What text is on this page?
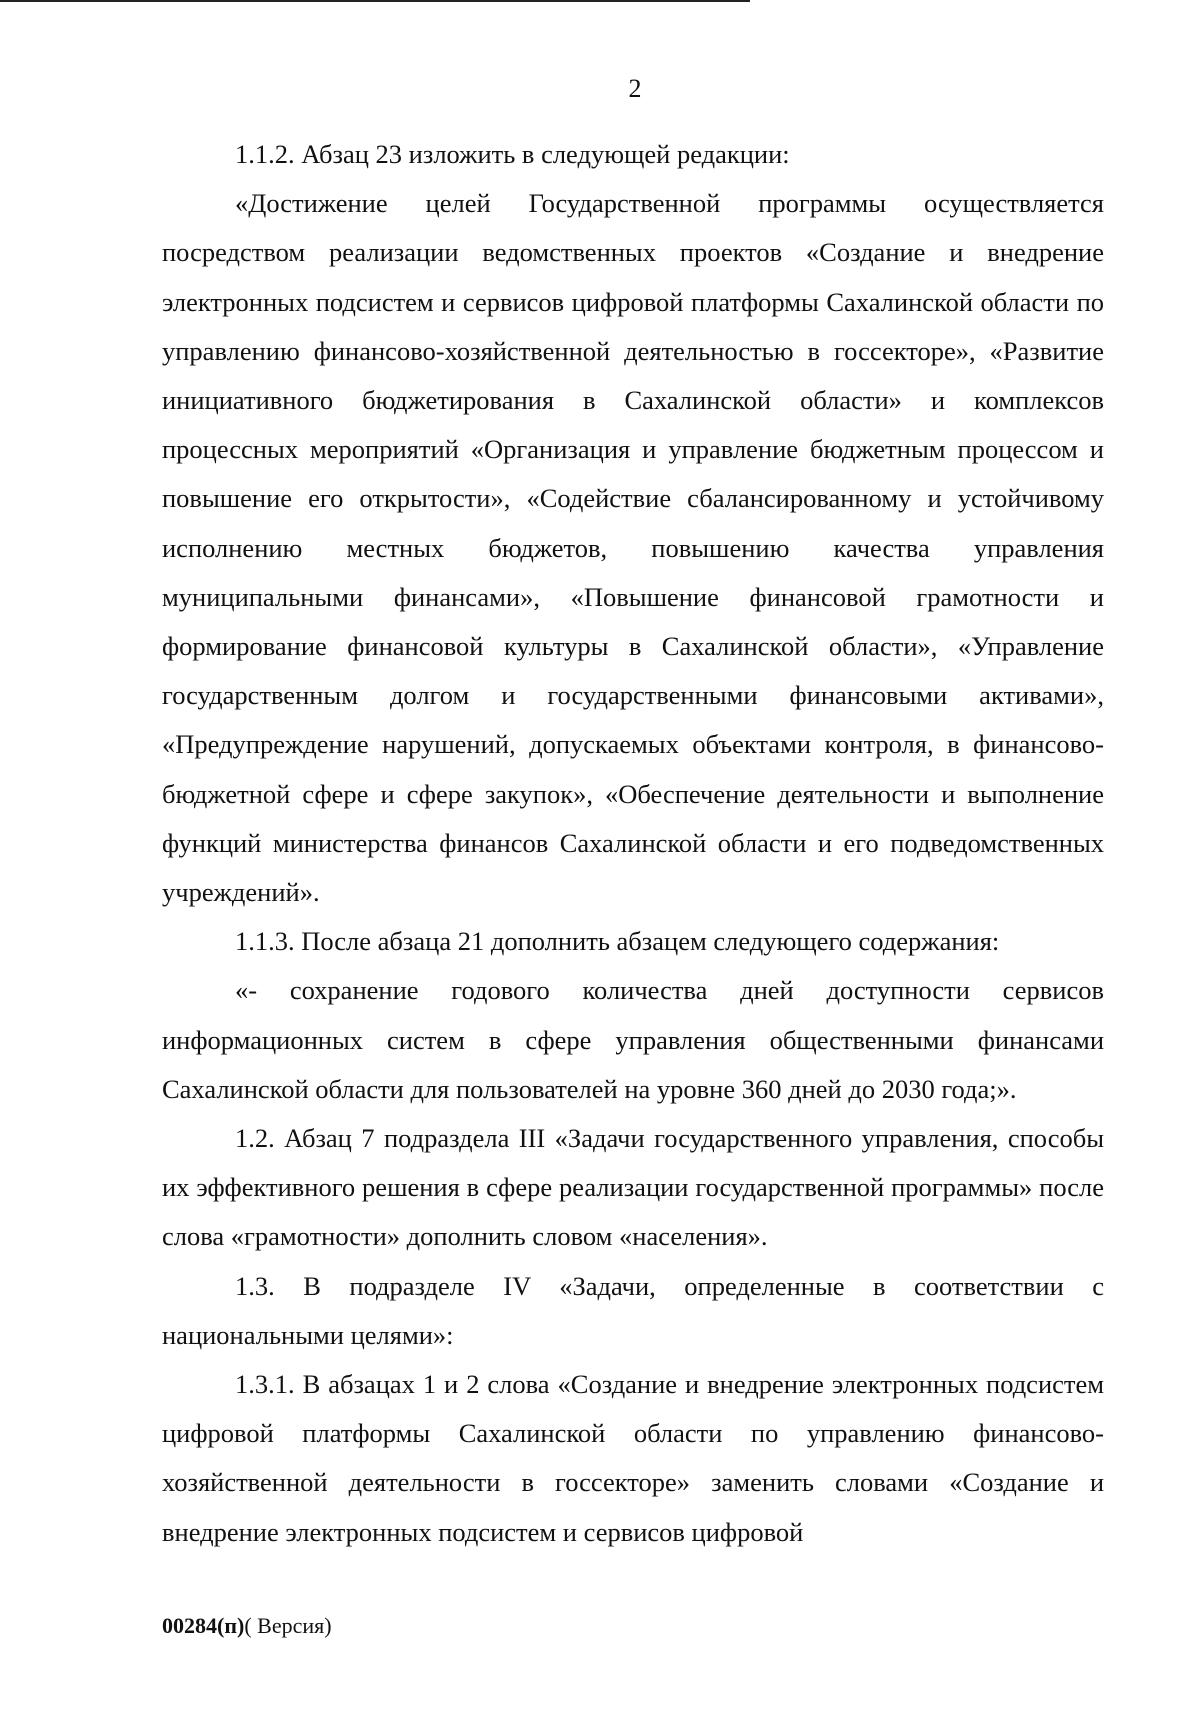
2

1.1.2. Абзац 23 изложить в следующей редакции:

«Достижение целей Государственной программы осуществляется посредством реализации ведомственных проектов «Создание и внедрение электронных подсистем и сервисов цифровой платформы Сахалинской области по управлению финансово-хозяйственной деятельностью в госсекторе», «Развитие инициативного бюджетирования в Сахалинской области» и комплексов процессных мероприятий «Организация и управление бюджетным процессом и повышение его открытости», «Содействие сбалансированному и устойчивому исполнению местных бюджетов, повышению качества управления муниципальными финансами», «Повышение финансовой грамотности и формирование финансовой культуры в Сахалинской области», «Управление государственным долгом и государственными финансовыми активами», «Предупреждение нарушений, допускаемых объектами контроля, в финансово-бюджетной сфере и сфере закупок», «Обеспечение деятельности и выполнение функций министерства финансов Сахалинской области и его подведомственных учреждений».

1.1.3. После абзаца 21 дополнить абзацем следующего содержания:

«- сохранение годового количества дней доступности сервисов информационных систем в сфере управления общественными финансами Сахалинской области для пользователей на уровне 360 дней до 2030 года;».

1.2. Абзац 7 подраздела III «Задачи государственного управления, способы их эффективного решения в сфере реализации государственной программы» после слова «грамотности» дополнить словом «населения».

1.3. В подразделе IV «Задачи, определенные в соответствии с национальными целями»:

1.3.1. В абзацах 1 и 2 слова «Создание и внедрение электронных подсистем цифровой платформы Сахалинской области по управлению финансово-хозяйственной деятельности в госсекторе» заменить словами «Создание и внедрение электронных подсистем и сервисов цифровой

00284(п)( Версия)
